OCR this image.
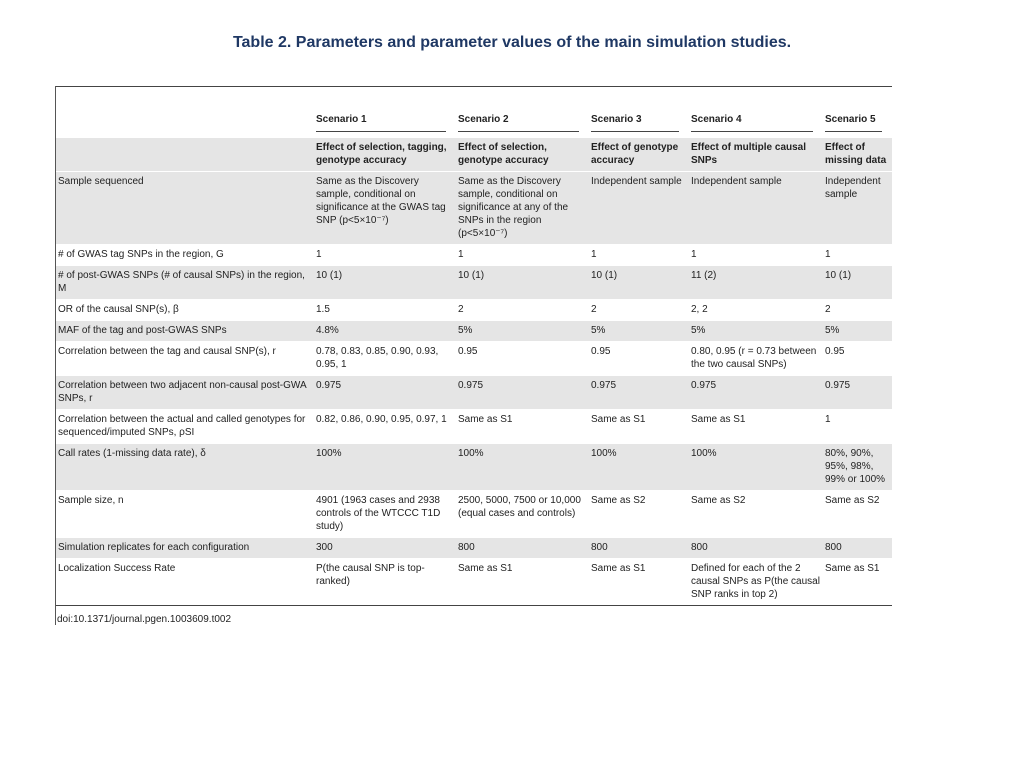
Table 2. Parameters and parameter values of the main simulation studies.

	Scenario 1	Scenario 2	Scenario 3	Scenario 4	Scenario 5

	Effect of selection, tagging, genotype accuracy	Effect of selection, genotype accuracy	Effect of genotype accuracy	Effect of multiple causal SNPs	Effect of missing data
Sample sequenced	Same as the Discovery sample, conditional on significance at the GWAS tag SNP (p<5×10⁻⁷)	Same as the Discovery sample, conditional on significance at any of the SNPs in the region (p<5×10⁻⁷)	Independent sample	Independent sample	Independent sample
# of GWAS tag SNPs in the region, G	1	1	1	1	1
# of post-GWAS SNPs (# of causal SNPs) in the region, M	10 (1)	10 (1)	10 (1)	11 (2)	10 (1)
OR of the causal SNP(s), β	1.5	2	2	2, 2	2
MAF of the tag and post-GWAS SNPs	4.8%	5%	5%	5%	5%
Correlation between the tag and causal SNP(s), r	0.78, 0.83, 0.85, 0.90, 0.93, 0.95, 1	0.95	0.95	0.80, 0.95 (r = 0.73 between the two causal SNPs)	0.95
Correlation between two adjacent non-causal post-GWA SNPs, r	0.975	0.975	0.975	0.975	0.975
Correlation between the actual and called genotypes for sequenced/imputed SNPs, ρSI	0.82, 0.86, 0.90, 0.95, 0.97, 1	Same as S1	Same as S1	Same as S1	1
Call rates (1-missing data rate), δ	100%	100%	100%	100%	80%, 90%, 95%, 98%, 99% or 100%
Sample size, n	4901 (1963 cases and 2938 controls of the WTCCC T1D study)	2500, 5000, 7500 or 10,000 (equal cases and controls)	Same as S2	Same as S2	Same as S2
Simulation replicates for each configuration	300	800	800	800	800
Localization Success Rate	P(the causal SNP is top-ranked)	Same as S1	Same as S1	Defined for each of the 2 causal SNPs as P(the causal SNP ranks in top 2)	Same as S1
doi:10.1371/journal.pgen.1003609.t002
